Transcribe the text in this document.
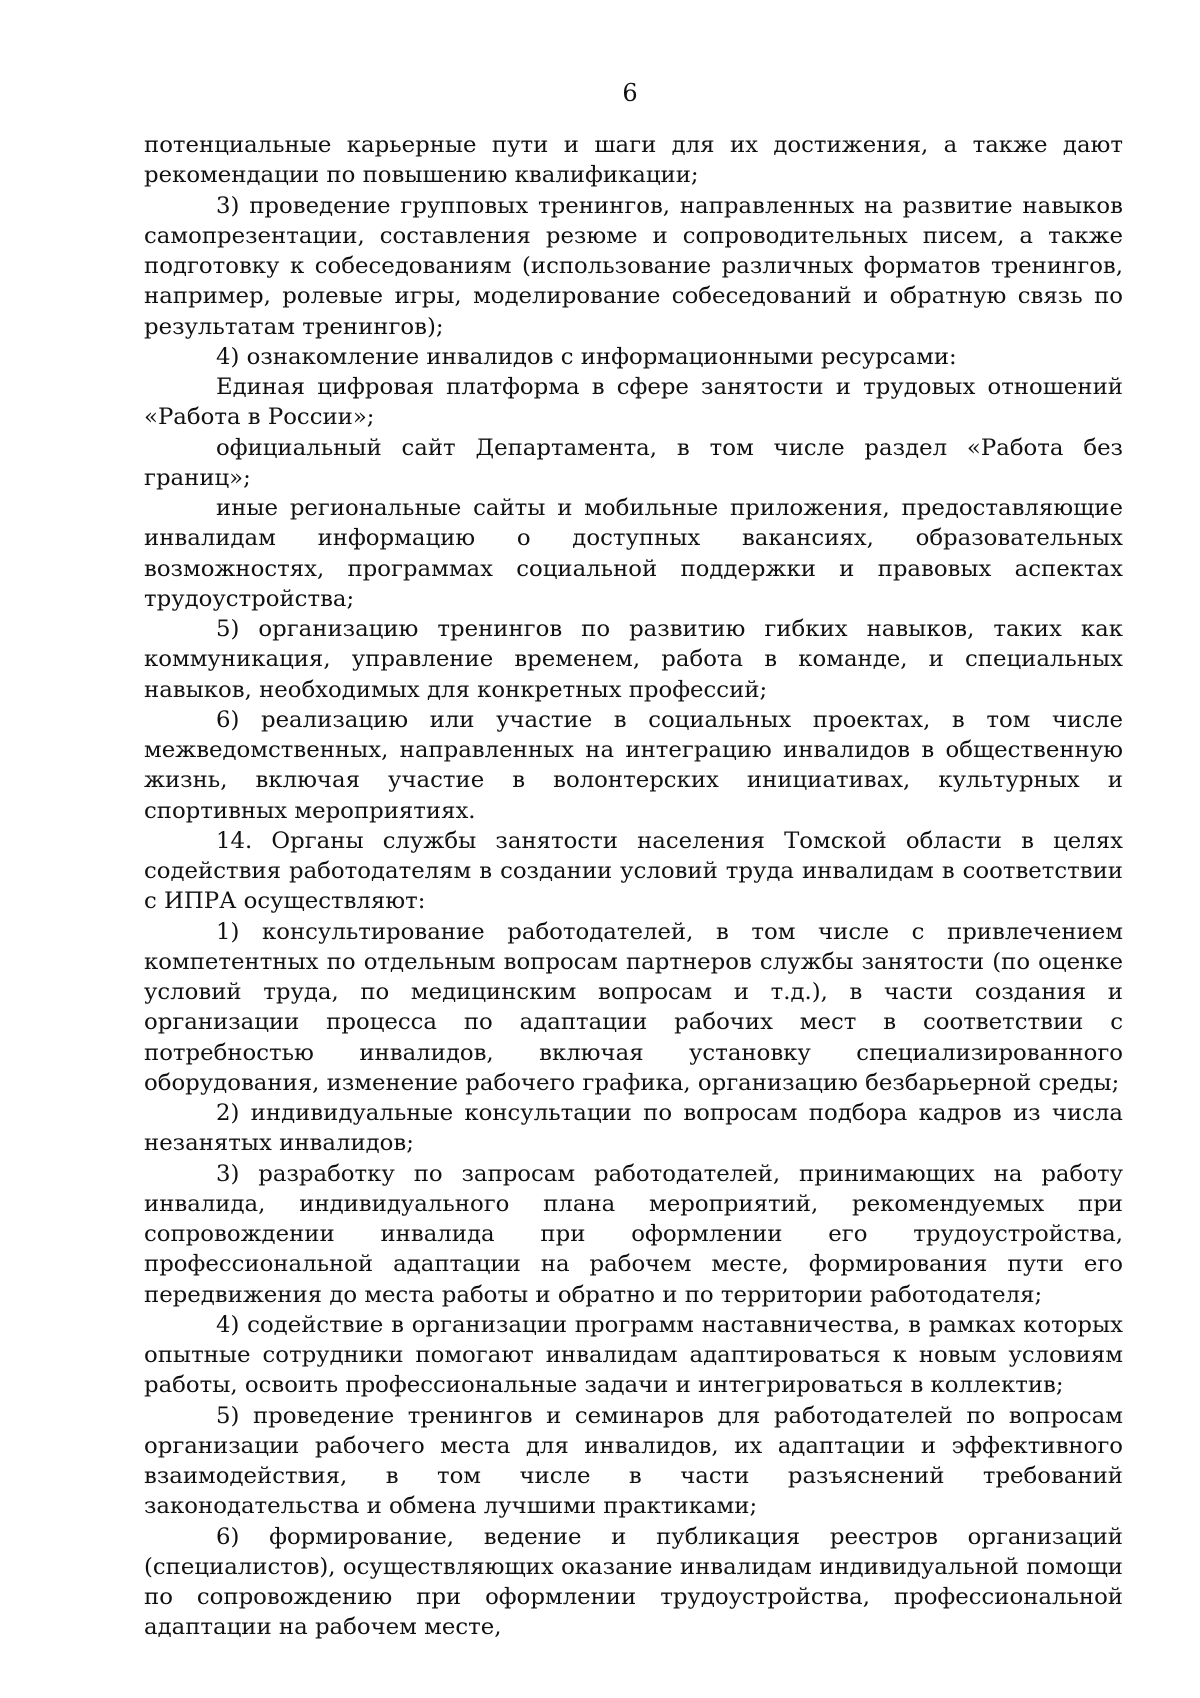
6

потенциальные карьерные пути и шаги для их достижения, а также дают рекомендации по повышению квалификации;

3) проведение групповых тренингов, направленных на развитие навыков самопрезентации, составления резюме и сопроводительных писем, а также подготовку к собеседованиям (использование различных форматов тренингов, например, ролевые игры, моделирование собеседований и обратную связь по результатам тренингов);

4) ознакомление инвалидов с информационными ресурсами:

Единая цифровая платформа в сфере занятости и трудовых отношений «Работа в России»;

официальный сайт Департамента, в том числе раздел «Работа без границ»;

иные региональные сайты и мобильные приложения, предоставляющие инвалидам информацию о доступных вакансиях, образовательных возможностях, программах социальной поддержки и правовых аспектах трудоустройства;

5) организацию тренингов по развитию гибких навыков, таких как коммуникация, управление временем, работа в команде, и специальных навыков, необходимых для конкретных профессий;

6) реализацию или участие в социальных проектах, в том числе межведомственных, направленных на интеграцию инвалидов в общественную жизнь, включая участие в волонтерских инициативах, культурных и спортивных мероприятиях.

14. Органы службы занятости населения Томской области в целях содействия работодателям в создании условий труда инвалидам в соответствии с ИПРА осуществляют:

1) консультирование работодателей, в том числе с привлечением компетентных по отдельным вопросам партнеров службы занятости (по оценке условий труда, по медицинским вопросам и т.д.), в части создания и организации процесса по адаптации рабочих мест в соответствии с потребностью инвалидов, включая установку специализированного оборудования, изменение рабочего графика, организацию безбарьерной среды;

2) индивидуальные консультации по вопросам подбора кадров из числа незанятых инвалидов;

3) разработку по запросам работодателей, принимающих на работу инвалида, индивидуального плана мероприятий, рекомендуемых при сопровождении инвалида при оформлении его трудоустройства, профессиональной адаптации на рабочем месте, формирования пути его передвижения до места работы и обратно и по территории работодателя;

4) содействие в организации программ наставничества, в рамках которых опытные сотрудники помогают инвалидам адаптироваться к новым условиям работы, освоить профессиональные задачи и интегрироваться в коллектив;

5) проведение тренингов и семинаров для работодателей по вопросам организации рабочего места для инвалидов, их адаптации и эффективного взаимодействия, в том числе в части разъяснений требований законодательства и обмена лучшими практиками;

6) формирование, ведение и публикация реестров организаций (специалистов), осуществляющих оказание инвалидам индивидуальной помощи по сопровождению при оформлении трудоустройства, профессиональной адаптации на рабочем месте,
